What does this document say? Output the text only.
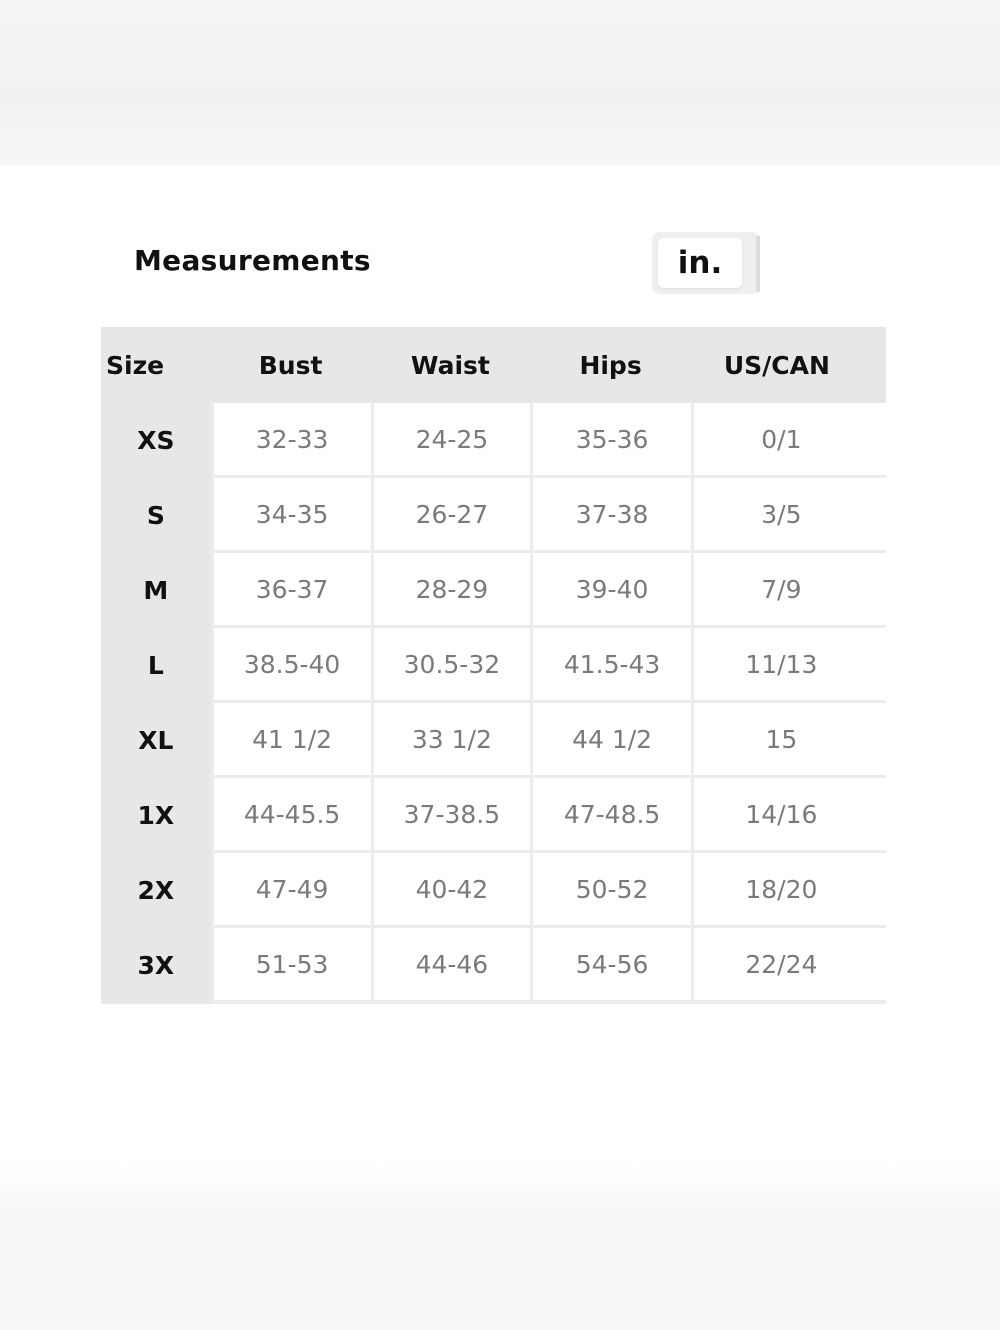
Measurements	in.
Size	Bust	Waist	Hips	US/CAN
XS	32-33	24-25	35-36	0/1

S	34-35	26-27	37-38	3/5

M	36-37	28-29	39-40	7/9

L	38.5-40	30.5-32	41.5-43	11/13

XL	41 1/2	33 1/2	44 1/2	15

1X	44-45.5	37-38.5	47-48.5	14/16

2X	47-49	40-42	50-52	18/20

3X	51-53	44-46	54-56	22/24
